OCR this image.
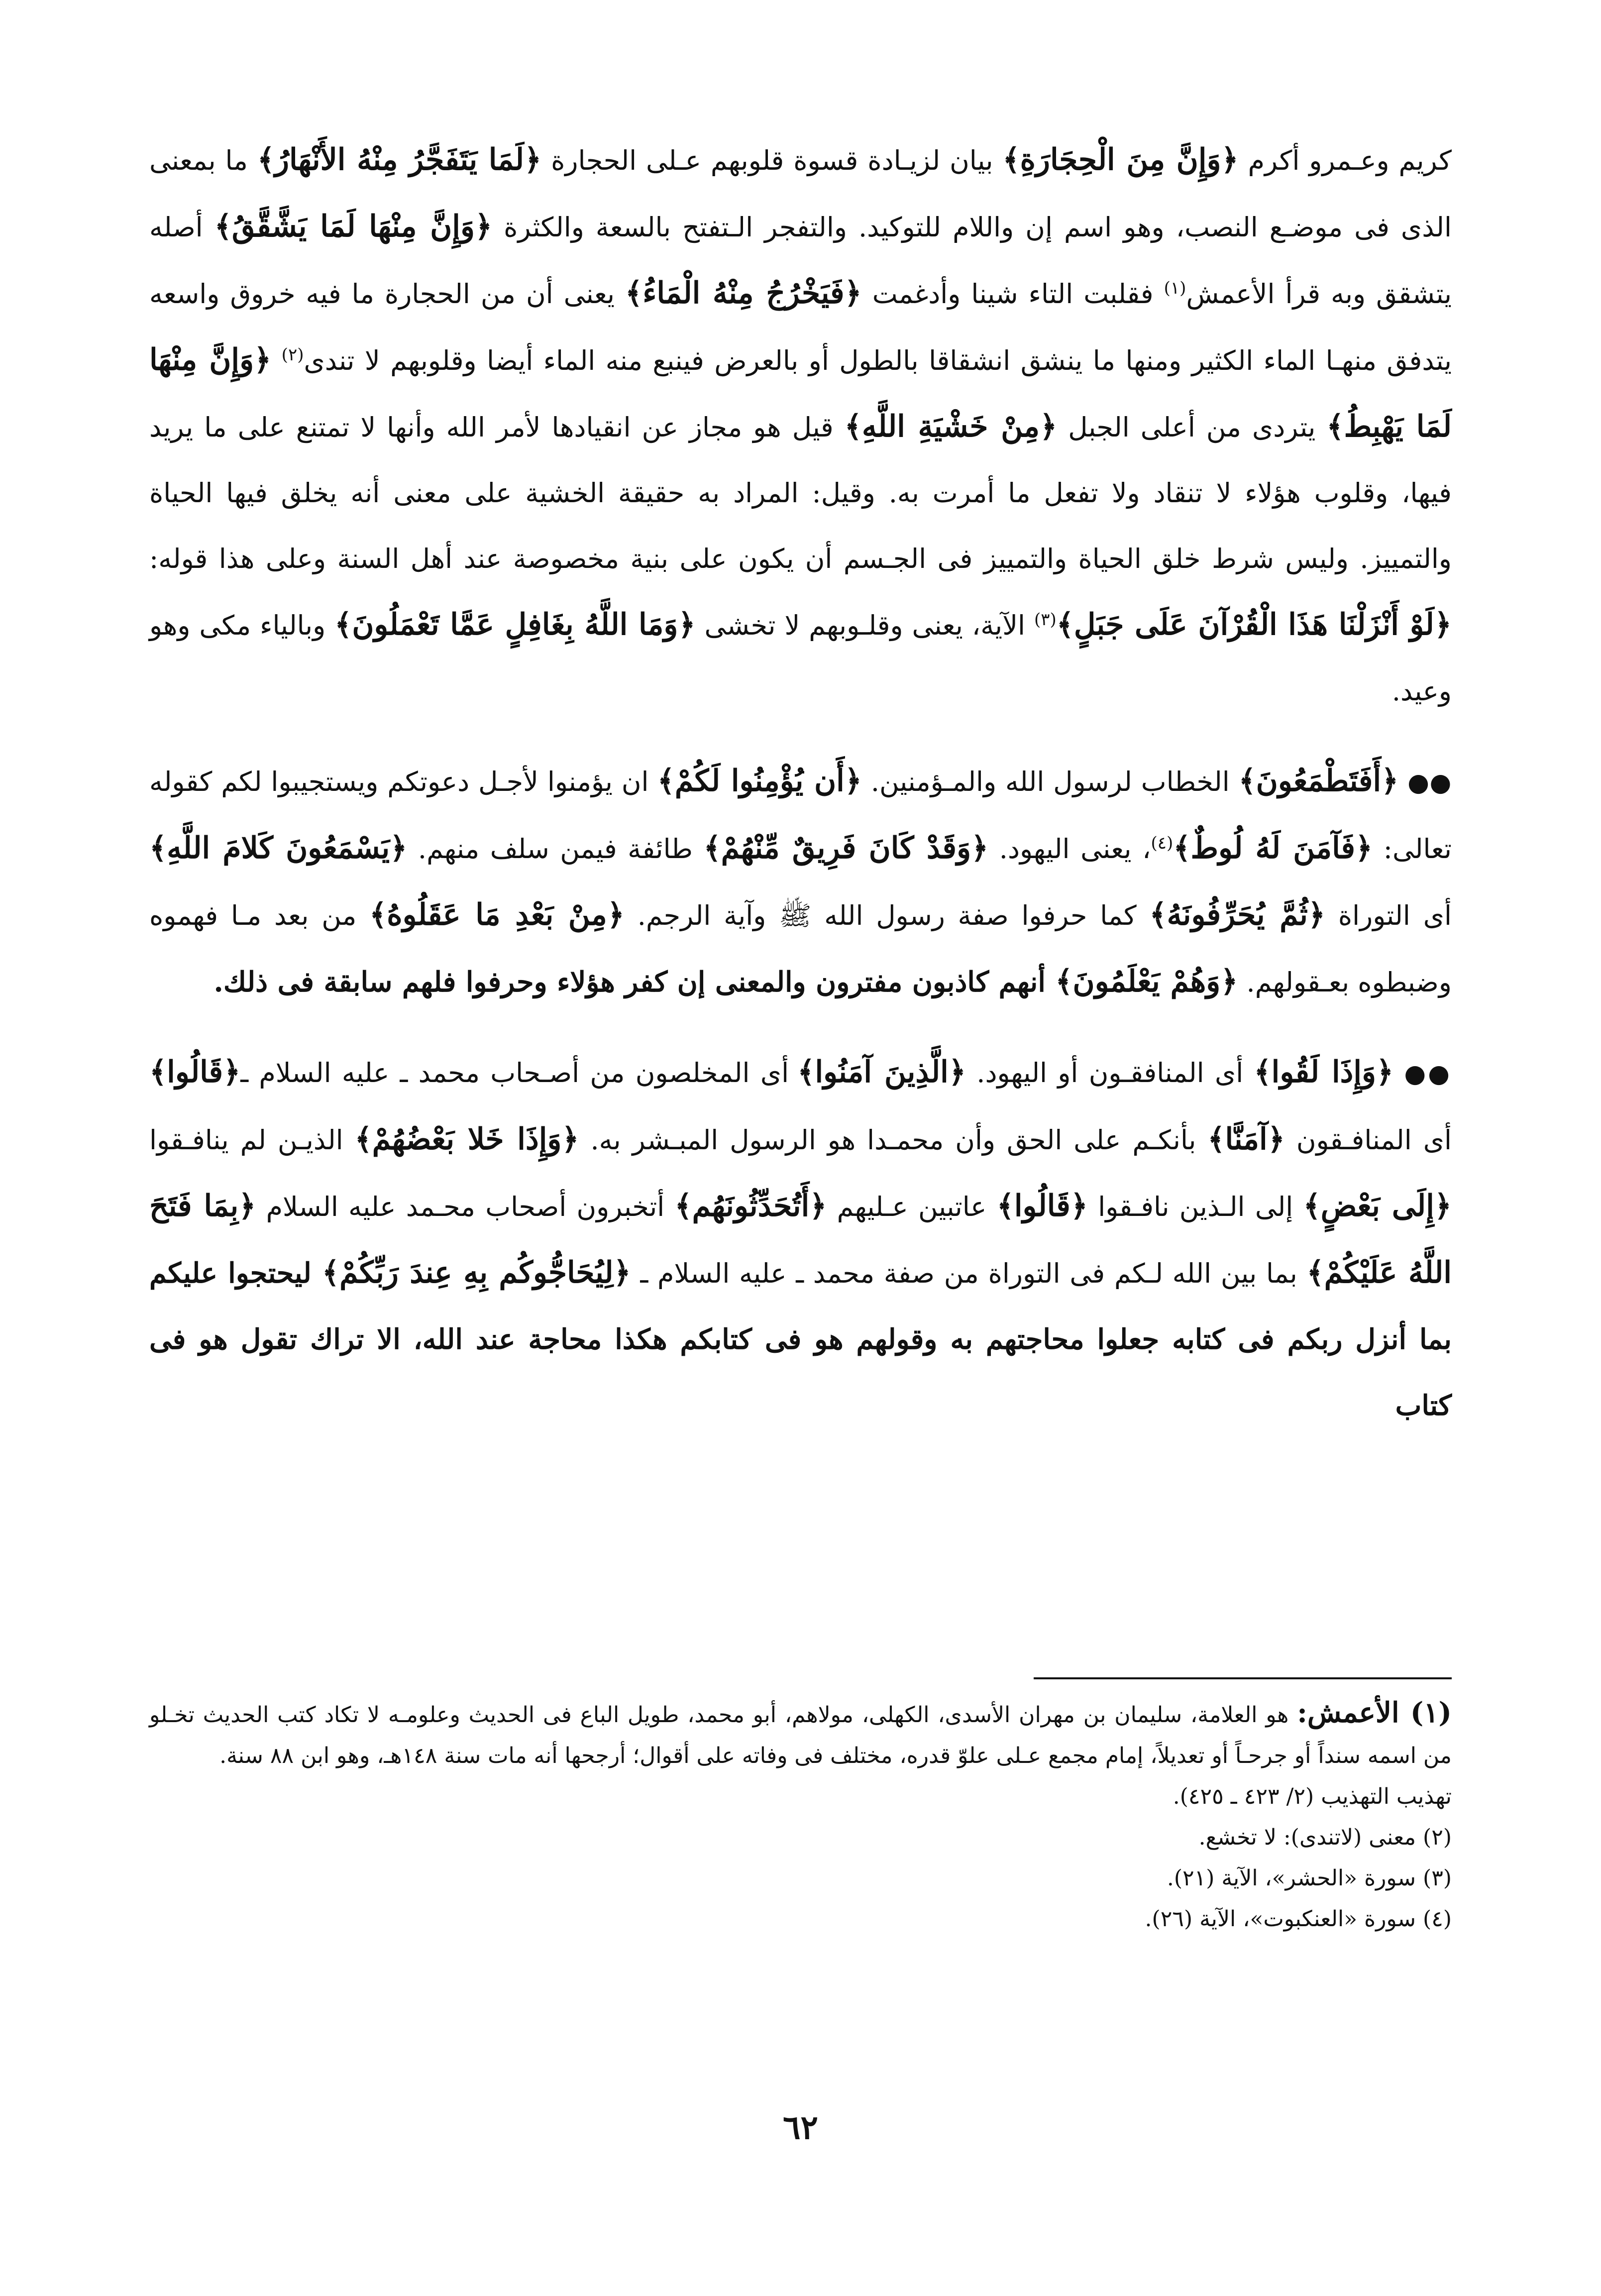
كريم وعـمرو أكرم ﴿وَإِنَّ مِنَ الْحِجَارَةِ﴾ بيان لزيـادة قسوة قلوبهم عـلى الحجارة ﴿لَمَا يَتَفَجَّرُ مِنْهُ الأَنْهَارُ﴾ ما بمعنى الذى فى موضـع النصب، وهو اسم إن واللام للتوكيد. والتفجر الـتفتح بالسعة والكثرة ﴿وَإِنَّ مِنْهَا لَمَا يَشَّقَّقُ﴾ أصله يتشقق وبه قرأ الأعمش$^{(١)}$ فقلبت التاء شينا وأدغمت ﴿فَيَخْرُجُ مِنْهُ الْمَاءُ﴾ يعنى أن من الحجارة ما فيه خروق واسعه يتدفق منهـا الماء الكثير ومنها ما ينشق انشقاقا بالطول أو بالعرض فينبع منه الماء أيضا وقلوبهم لا تندى$^{(٢)}$ ﴿وَإِنَّ مِنْهَا لَمَا يَهْبِطُ﴾ يتردى من أعلى الجبل ﴿مِنْ خَشْيَةِ اللَّهِ﴾ قيل هو مجاز عن انقيادها لأمر الله وأنها لا تمتنع على ما يريد فيها، وقلوب هؤلاء لا تنقاد ولا تفعل ما أمرت به. وقيل: المراد به حقيقة الخشية على معنى أنه يخلق فيها الحياة والتمييز. وليس شرط خلق الحياة والتمييز فى الجـسم أن يكون على بنية مخصوصة عند أهل السنة وعلى هذا قوله: ﴿لَوْ أَنْزَلْنَا هَذَا الْقُرْآنَ عَلَى جَبَلٍ﴾$^{(٣)}$ الآية، يعنى وقلـوبهم لا تخشى ﴿وَمَا اللَّهُ بِغَافِلٍ عَمَّا تَعْمَلُونَ﴾ وبالياء مكى وهو وعيد.

●● ﴿أَفَتَطْمَعُونَ﴾ الخطاب لرسول الله والمـؤمنين. ﴿أَن يُؤْمِنُوا لَكُمْ﴾ ان يؤمنوا لأجـل دعوتكم ويستجيبوا لكم كقوله تعالى: ﴿فَآمَنَ لَهُ لُوطٌ﴾$^{(٤)}$، يعنى اليهود. ﴿وَقَدْ كَانَ فَرِيقٌ مِّنْهُمْ﴾ طائفة فيمن سلف منهم. ﴿يَسْمَعُونَ كَلامَ اللَّهِ﴾ أى التوراة ﴿ثُمَّ يُحَرِّفُونَهُ﴾ كما حرفوا صفة رسول الله ﷺ وآية الرجم. ﴿مِنْ بَعْدِ مَا عَقَلُوهُ﴾ من بعد مـا فهموه وضبطوه بعـقولهم. ﴿وَهُمْ يَعْلَمُونَ﴾ أنهم كاذبون مفترون والمعنى إن كفر هؤلاء وحرفوا فلهم سابقة فى ذلك.

●● ﴿وَإِذَا لَقُوا﴾ أى المنافقـون أو اليهود. ﴿الَّذِينَ آمَنُوا﴾ أى المخلصون من أصـحاب محمد ـ عليه السلام ـ﴿قَالُوا﴾ أى المنافـقون ﴿آمَنَّا﴾ بأنكـم على الحق وأن محمـدا هو الرسول المبـشر به. ﴿وَإِذَا خَلا بَعْضُهُمْ﴾ الذيـن لم ينافـقوا ﴿إِلَى بَعْضٍ﴾ إلى الـذين نافـقوا ﴿قَالُوا﴾ عاتبين عـليهم ﴿أَتُحَدِّثُونَهُم﴾ أتخبرون أصحاب محـمد عليه السلام ﴿بِمَا فَتَحَ اللَّهُ عَلَيْكُمْ﴾ بما بين الله لـكم فى التوراة من صفة محمد ـ عليه السلام ـ ﴿لِيُحَاجُّوكُم بِهِ عِندَ رَبِّكُمْ﴾ ليحتجوا عليكم بما أنزل ربكم فى كتابه جعلوا محاجتهم به وقولهم هو فى كتابكم هكذا محاجة عند الله، الا تراك تقول هو فى كتاب

(١) الأعمش: هو العلامة، سليمان بن مهران الأسدى، الكهلى، مولاهم، أبو محمد، طويل الباع فى الحديث وعلومـه لا تكاد كتب الحديث تخـلو من اسمه سنداً أو جرحـاً أو تعديلاً، إمام مجمع عـلى علوّ قدره، مختلف فى وفاته على أقوال؛ أرجحها أنه مات سنة ١٤٨هـ، وهو ابن ٨٨ سنة.

تهذيب التهذيب (٢/ ٤٢٣ ـ ٤٢٥).

(٢) معنى (لاتندى): لا تخشع.

(٣) سورة «الحشر»، الآية (٢١).

(٤) سورة «العنكبوت»، الآية (٢٦).

٦٢
